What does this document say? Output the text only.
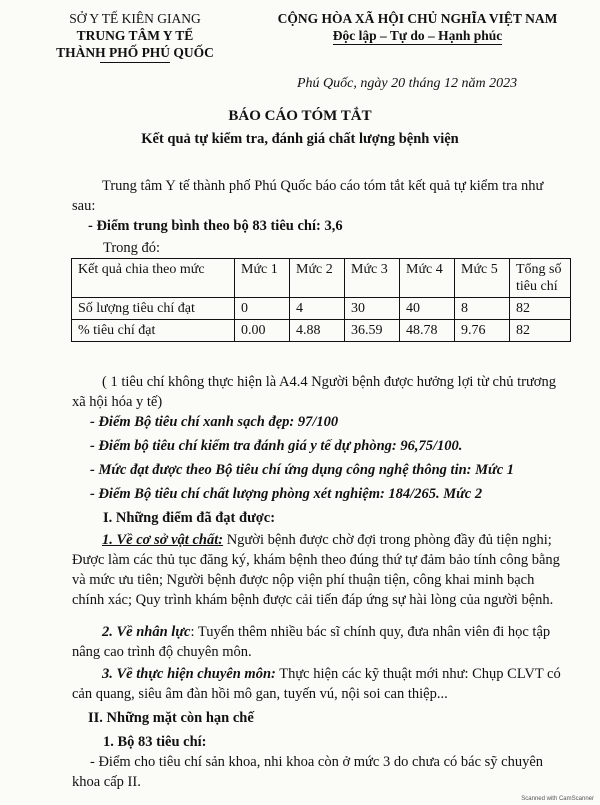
SỞ Y TẾ KIÊN GIANG
TRUNG TÂM Y TẾ
THÀNH PHỐ PHÚ QUỐC
CỘNG HÒA XÃ HỘI CHỦ NGHĨA VIỆT NAM
Độc lập – Tự do – Hạnh phúc
Phú Quốc, ngày 20 tháng 12 năm 2023
BÁO CÁO TÓM TẮT
Kết quả tự kiểm tra, đánh giá chất lượng bệnh viện
Trung tâm Y tế thành phố Phú Quốc báo cáo tóm tắt kết quả tự kiểm tra như sau:
- Điểm trung bình theo bộ 83 tiêu chí: 3,6
Trong đó:
Kết quả chia theo mức	Mức 1	Mức 2	Mức 3	Mức 4	Mức 5	Tổng số tiêu chí
Số lượng tiêu chí đạt	0	4	30	40	8	82
% tiêu chí đạt	0.00	4.88	36.59	48.78	9.76	82
( 1 tiêu chí không thực hiện là A4.4 Người bệnh được hưởng lợi từ chủ trương xã hội hóa y tế)
- Điểm Bộ tiêu chí xanh sạch đẹp: 97/100
- Điểm bộ tiêu chí kiểm tra đánh giá y tế dự phòng: 96,75/100.
- Mức đạt được theo Bộ tiêu chí ứng dụng công nghệ thông tin: Mức 1
- Điểm Bộ tiêu chí chất lượng phòng xét nghiệm: 184/265. Mức 2
I. Những điểm đã đạt được:
1. Về cơ sở vật chất: Người bệnh được chờ đợi trong phòng đầy đủ tiện nghi; Được làm các thủ tục đăng ký, khám bệnh theo đúng thứ tự đảm bảo tính công bằng và mức ưu tiên; Người bệnh được nộp viện phí thuận tiện, công khai minh bạch chính xác; Quy trình khám bệnh được cải tiến đáp ứng sự hài lòng của người bệnh.
2. Về nhân lực: Tuyển thêm nhiều bác sĩ chính quy, đưa nhân viên đi học tập nâng cao trình độ chuyên môn.
3. Về thực hiện chuyên môn: Thực hiện các kỹ thuật mới như: Chụp CLVT có cản quang, siêu âm đàn hồi mô gan, tuyến vú, nội soi can thiệp...
II. Những mặt còn hạn chế
1. Bộ 83 tiêu chí:
- Điểm cho tiêu chí sản khoa, nhi khoa còn ở mức 3 do chưa có bác sỹ chuyên khoa cấp II.
Scanned with CamScanner
